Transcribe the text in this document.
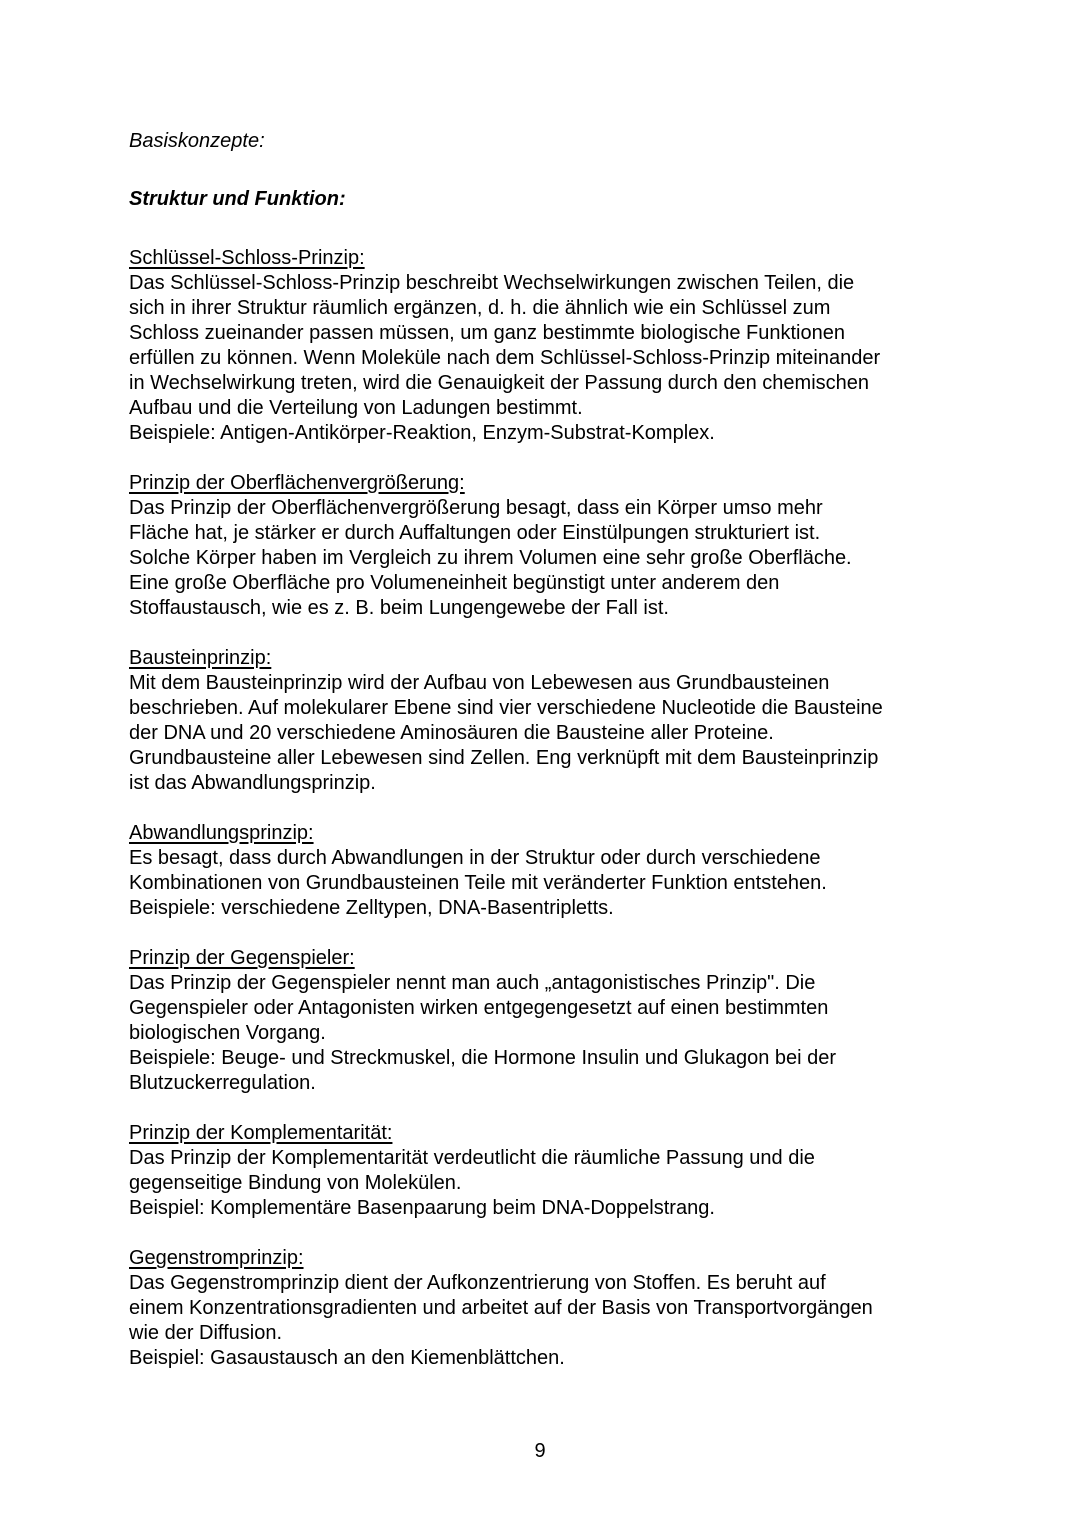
Basiskonzepte:

Struktur und Funktion:

Schlüssel-Schloss-Prinzip:
Das Schlüssel-Schloss-Prinzip beschreibt Wechselwirkungen zwischen Teilen, die
sich in ihrer Struktur räumlich ergänzen, d. h. die ähnlich wie ein Schlüssel zum
Schloss zueinander passen müssen, um ganz bestimmte biologische Funktionen
erfüllen zu können. Wenn Moleküle nach dem Schlüssel-Schloss-Prinzip miteinander
in Wechselwirkung treten, wird die Genauigkeit der Passung durch den chemischen
Aufbau und die Verteilung von Ladungen bestimmt.
Beispiele: Antigen-Antikörper-Reaktion, Enzym-Substrat-Komplex.
Prinzip der Oberflächenvergrößerung:
Das Prinzip der Oberflächenvergrößerung besagt, dass ein Körper umso mehr
Fläche hat, je stärker er durch Auffaltungen oder Einstülpungen strukturiert ist.
Solche Körper haben im Vergleich zu ihrem Volumen eine sehr große Oberfläche.
Eine große Oberfläche pro Volumeneinheit begünstigt unter anderem den
Stoffaustausch, wie es z. B. beim Lungengewebe der Fall ist.
Bausteinprinzip:
Mit dem Bausteinprinzip wird der Aufbau von Lebewesen aus Grundbausteinen
beschrieben. Auf molekularer Ebene sind vier verschiedene Nucleotide die Bausteine
der DNA und 20 verschiedene Aminosäuren die Bausteine aller Proteine.
Grundbausteine aller Lebewesen sind Zellen. Eng verknüpft mit dem Bausteinprinzip
ist das Abwandlungsprinzip.
Abwandlungsprinzip:
Es besagt, dass durch Abwandlungen in der Struktur oder durch verschiedene
Kombinationen von Grundbausteinen Teile mit veränderter Funktion entstehen.
Beispiele: verschiedene Zelltypen, DNA-Basentripletts.
Prinzip der Gegenspieler:
Das Prinzip der Gegenspieler nennt man auch „antagonistisches Prinzip". Die
Gegenspieler oder Antagonisten wirken entgegengesetzt auf einen bestimmten
biologischen Vorgang.
Beispiele: Beuge- und Streckmuskel, die Hormone Insulin und Glukagon bei der
Blutzuckerregulation.
Prinzip der Komplementarität:
Das Prinzip der Komplementarität verdeutlicht die räumliche Passung und die
gegenseitige Bindung von Molekülen.
Beispiel: Komplementäre Basenpaarung beim DNA-Doppelstrang.
Gegenstromprinzip:
Das Gegenstromprinzip dient der Aufkonzentrierung von Stoffen. Es beruht auf
einem Konzentrationsgradienten und arbeitet auf der Basis von Transportvorgängen
wie der Diffusion.
Beispiel: Gasaustausch an den Kiemenblättchen.
9
